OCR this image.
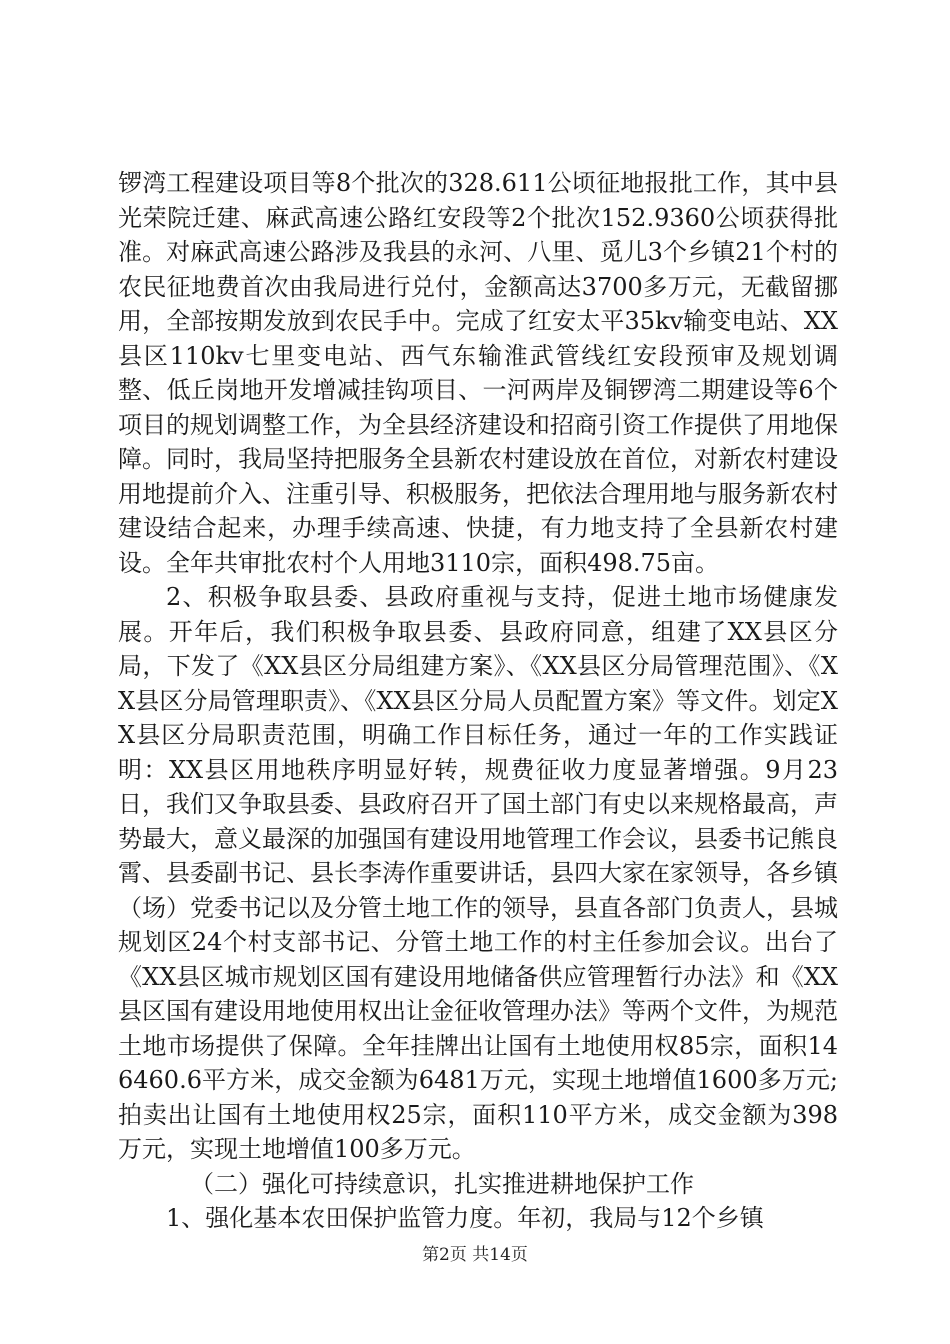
锣湾工程建设项目等8个批次的328.611公顷征地报批工作，其中县光荣院迁建、麻武高速公路红安段等2个批次152.9360公顷获得批准。对麻武高速公路涉及我县的永河、八里、觅儿3个乡镇21个村的农民征地费首次由我局进行兑付，金额高达3700多万元，无截留挪用，全部按期发放到农民手中。完成了红安太平35kv输变电站、XX县区110kv七里变电站、西气东输淮武管线红安段预审及规划调整、低丘岗地开发增减挂钩项目、一河两岸及铜锣湾二期建设等6个项目的规划调整工作，为全县经济建设和招商引资工作提供了用地保障。同时，我局坚持把服务全县新农村建设放在首位，对新农村建设用地提前介入、注重引导、积极服务，把依法合理用地与服务新农村建设结合起来，办理手续高速、快捷，有力地支持了全县新农村建设。全年共审批农村个人用地3110宗，面积498.75亩。

2、积极争取县委、县政府重视与支持，促进土地市场健康发展。开年后，我们积极争取县委、县政府同意，组建了XX县区分局，下发了《XX县区分局组建方案》、《XX县区分局管理范围》、《XX县区分局管理职责》、《XX县区分局人员配置方案》等文件。划定XX县区分局职责范围，明确工作目标任务，通过一年的工作实践证明：XX县区用地秩序明显好转，规费征收力度显著增强。9月23日，我们又争取县委、县政府召开了国土部门有史以来规格最高，声势最大，意义最深的加强国有建设用地管理工作会议，县委书记熊良霄、县委副书记、县长李涛作重要讲话，县四大家在家领导，各乡镇（场）党委书记以及分管土地工作的领导，县直各部门负责人，县城规划区24个村支部书记、分管土地工作的村主任参加会议。出台了《XX县区城市规划区国有建设用地储备供应管理暂行办法》和《XX县区国有建设用地使用权出让金征收管理办法》等两个文件，为规范土地市场提供了保障。全年挂牌出让国有土地使用权85宗，面积146460.6平方米，成交金额为6481万元，实现土地增值1600多万元;拍卖出让国有土地使用权25宗，面积110平方米，成交金额为398万元，实现土地增值100多万元。

（二）强化可持续意识，扎实推进耕地保护工作

1、强化基本农田保护监管力度。年初，我局与12个乡镇

第2页 共14页
